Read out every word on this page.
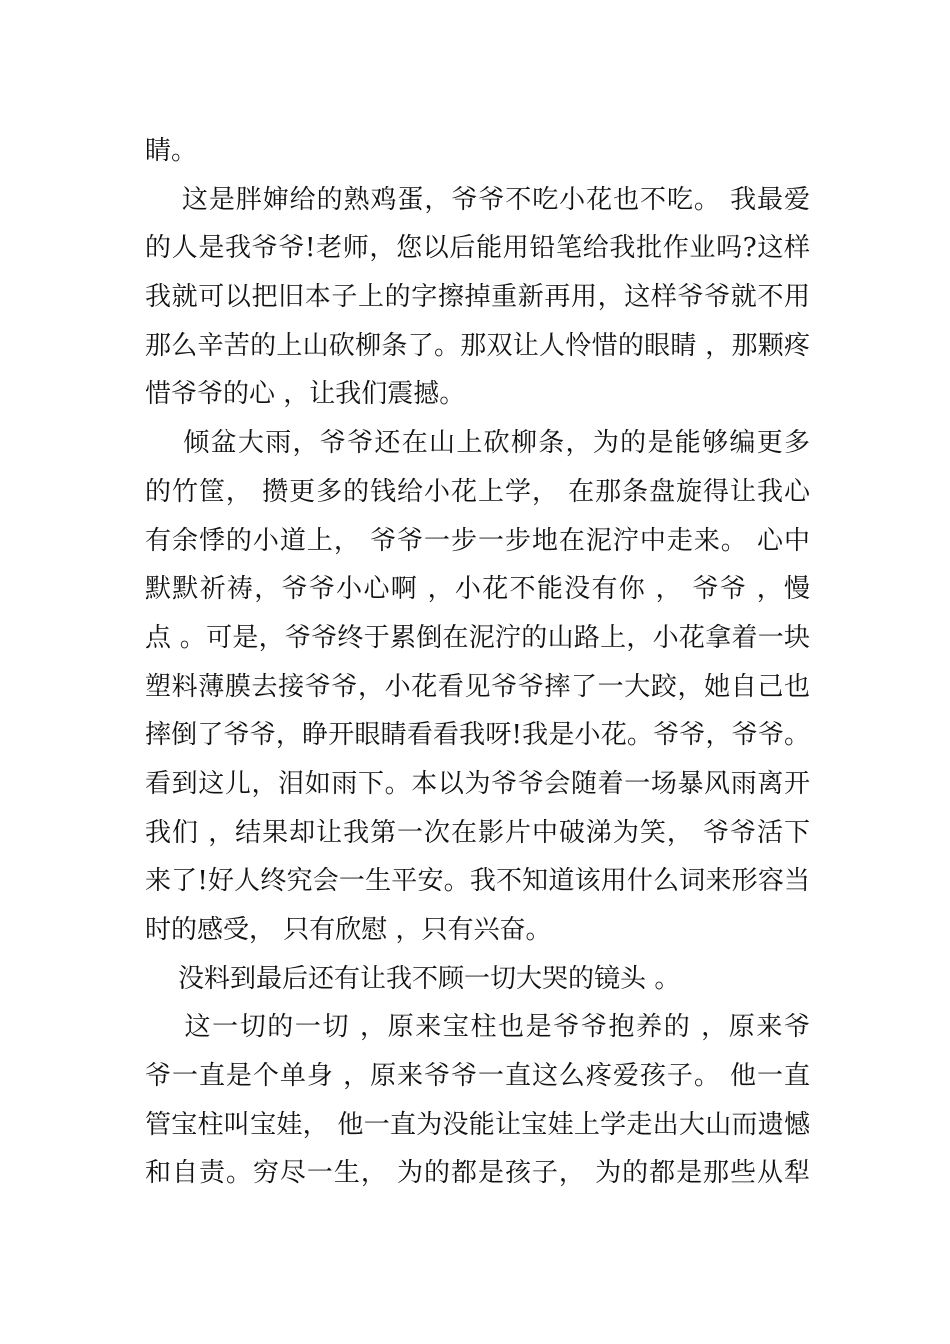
睛。
这是胖婶给的熟鸡蛋，爷爷不吃小花也不吃。 我最爱
的人是我爷爷!老师，您以后能用铅笔给我批作业吗?这样
我就可以把旧本子上的字擦掉重新再用，这样爷爷就不用
那么辛苦的上山砍柳条了。那双让人怜惜的眼睛 ，那颗疼
惜爷爷的心 ，让我们震撼。
倾盆大雨，爷爷还在山上砍柳条，为的是能够编更多
的竹筐， 攒更多的钱给小花上学， 在那条盘旋得让我心
有余悸的小道上， 爷爷一步一步地在泥泞中走来。 心中
默默祈祷，爷爷小心啊 ，小花不能没有你 ， 爷爷 ，慢
点 。可是，爷爷终于累倒在泥泞的山路上，小花拿着一块
塑料薄膜去接爷爷，小花看见爷爷摔了一大跤，她自己也
摔倒了爷爷，睁开眼睛看看我呀!我是小花。爷爷，爷爷。
看到这儿，泪如雨下。本以为爷爷会随着一场暴风雨离开
我们 ，结果却让我第一次在影片中破涕为笑， 爷爷活下
来了!好人终究会一生平安。我不知道该用什么词来形容当
时的感受， 只有欣慰 ，只有兴奋。
没料到最后还有让我不顾一切大哭的镜头 。
这一切的一切 ，原来宝柱也是爷爷抱养的 ，原来爷
爷一直是个单身 ，原来爷爷一直这么疼爱孩子。 他一直
管宝柱叫宝娃， 他一直为没能让宝娃上学走出大山而遗憾
和自责。穷尽一生， 为的都是孩子， 为的都是那些从犁
